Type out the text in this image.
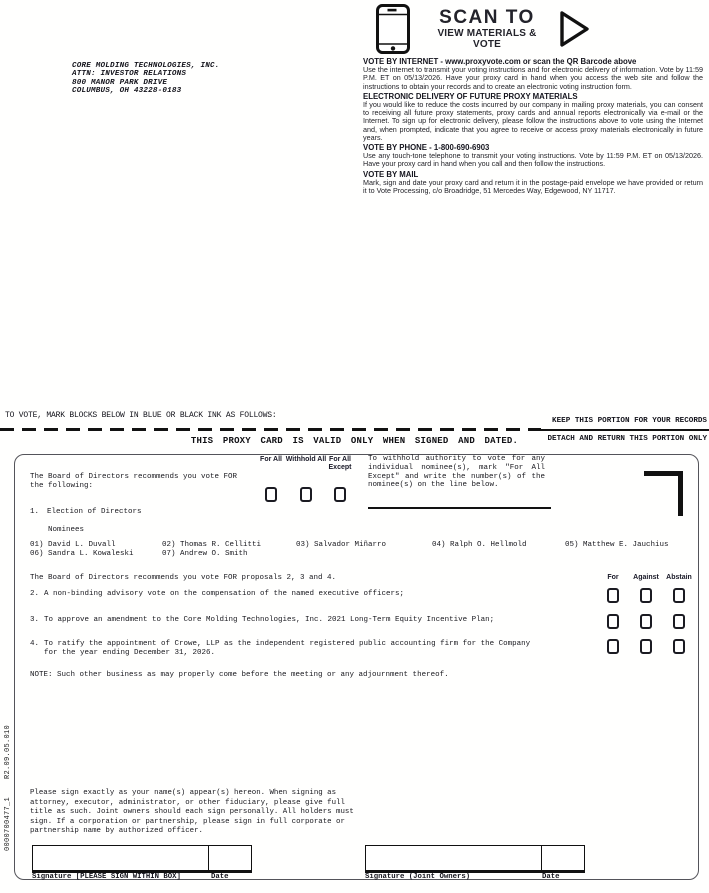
CORE MOLDING TECHNOLOGIES, INC.
ATTN: INVESTOR RELATIONS
800 MANOR PARK DRIVE
COLUMBUS, OH 43228-0183
SCAN TO
VIEW MATERIALS & VOTE
VOTE BY INTERNET - www.proxyvote.com or scan the QR Barcode above

Use the internet to transmit your voting instructions and for electronic delivery of information. Vote by 11:59 P.M. ET on 05/13/2026. Have your proxy card in hand when you access the web site and follow the instructions to obtain your records and to create an electronic voting instruction form.

ELECTRONIC DELIVERY OF FUTURE PROXY MATERIALS

If you would like to reduce the costs incurred by our company in mailing proxy materials, you can consent to receiving all future proxy statements, proxy cards and annual reports electronically via e-mail or the Internet. To sign up for electronic delivery, please follow the instructions above to vote using the Internet and, when prompted, indicate that you agree to receive or access proxy materials electronically in future years.

VOTE BY PHONE - 1-800-690-6903

Use any touch-tone telephone to transmit your voting instructions. Vote by 11:59 P.M. ET on 05/13/2026. Have your proxy card in hand when you call and then follow the instructions.

VOTE BY MAIL

Mark, sign and date your proxy card and return it in the postage-paid envelope we have provided or return it to Vote Processing, c/o Broadridge, 51 Mercedes Way, Edgewood, NY 11717.

TO VOTE, MARK BLOCKS BELOW IN BLUE OR BLACK INK AS FOLLOWS:
KEEP THIS PORTION FOR YOUR RECORDS
THIS PROXY CARD IS VALID ONLY WHEN SIGNED AND DATED.	DETACH AND RETURN THIS PORTION ONLY
The Board of Directors recommends you vote FOR the following:
For All Withhold All For All Except
To withhold authority to vote for any individual nominee(s), mark "For All Except" and write the number(s) of the nominee(s) on the line below.
1. Election of Directors
Nominees
01) David L. Duvall	02) Thomas R. Cellitti	03) Salvador Miñarro	04) Ralph O. Hellmold	05) Matthew E. Jauchius
06) Sandra L. Kowaleski	07) Andrew O. Smith
The Board of Directors recommends you vote FOR proposals 2, 3 and 4.	For	Against	Abstain
2. A non-binding advisory vote on the compensation of the named executive officers;
3. To approve an amendment to the Core Molding Technologies, Inc. 2021 Long-Term Equity Incentive Plan;
4. To ratify the appointment of Crowe, LLP as the independent registered public accounting firm for the Company for the year ending December 31, 2026.
NOTE: Such other business as may properly come before the meeting or any adjournment thereof.
Please sign exactly as your name(s) appear(s) hereon. When signing as attorney, executor, administrator, or other fiduciary, please give full title as such. Joint owners should each sign personally. All holders must sign. If a corporation or partnership, please sign in full corporate or partnership name by authorized officer.
Signature [PLEASE SIGN WITHIN BOX]	Date	Signature (Joint Owners)	Date
0000700477_1    R2.09.05.010
